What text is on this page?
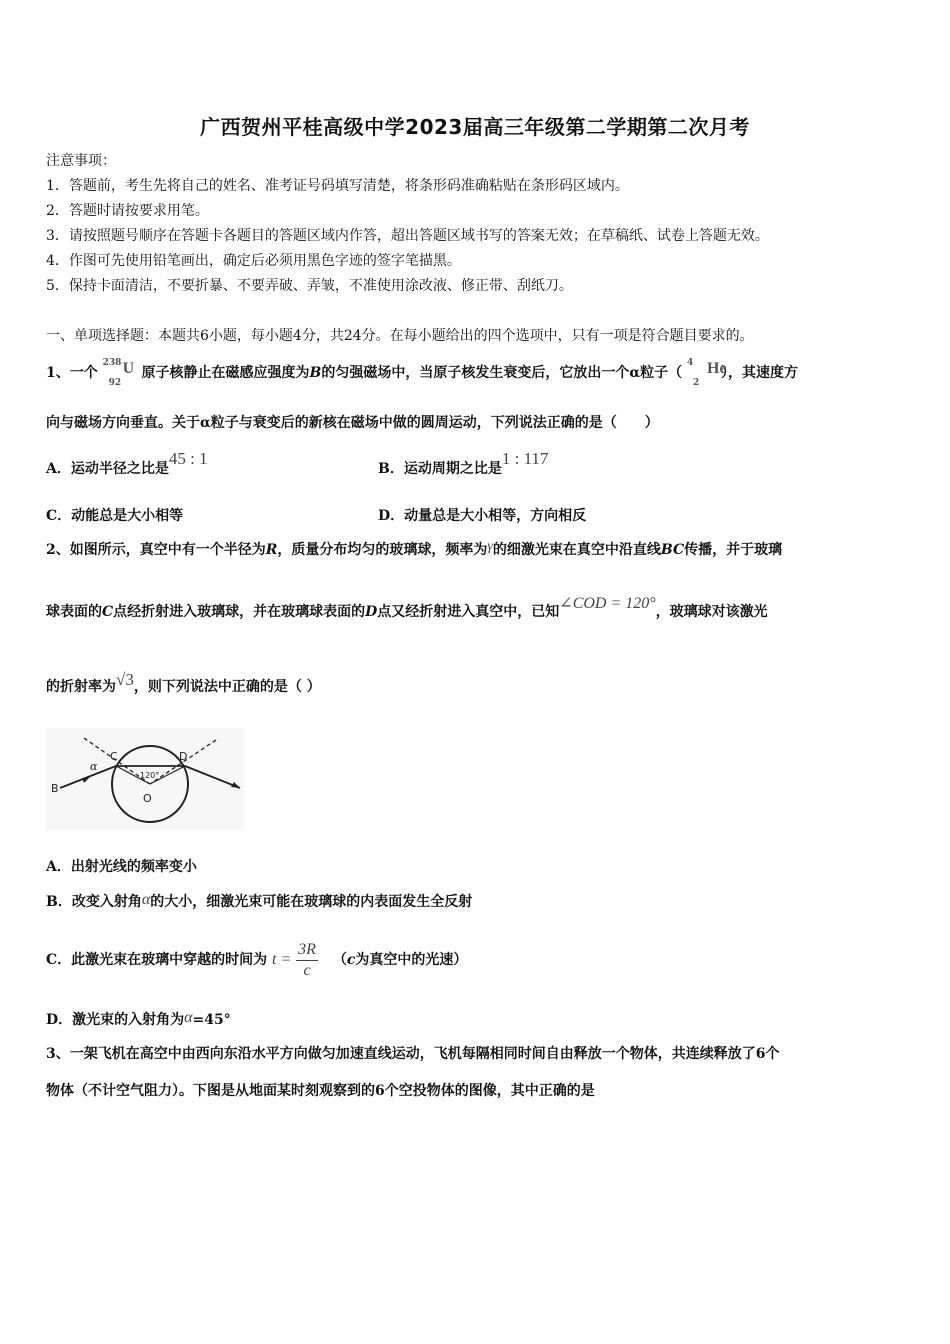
广西贺州平桂高级中学2023届高三年级第二学期第二次月考
注意事项：
1．答题前，考生先将自己的姓名、准考证号码填写清楚，将条形码准确粘贴在条形码区域内。
2．答题时请按要求用笔。
3．请按照题号顺序在答题卡各题目的答题区域内作答，超出答题区域书写的答案无效；在草稿纸、试卷上答题无效。
4．作图可先使用铅笔画出，确定后必须用黑色字迹的签字笔描黑。
5．保持卡面清洁，不要折暴、不要弄破、弄皱，不准使用涂改液、修正带、刮纸刀。
一、单项选择题：本题共6小题，每小题4分，共24分。在每小题给出的四个选项中，只有一项是符合题目要求的。
1、一个
238
92
U 原子核静止在磁感应强度为B的匀强磁场中，当原子核发生衰变后，它放出一个α粒子（
4
2
He
），其速度方
向与磁场方向垂直。关于α粒子与衰变后的新核在磁场中做的圆周运动，下列说法正确的是（　　）
A．运动半径之比是45 : 1
B．运动周期之比是1 : 117
C．动能总是大小相等	D．动量总是大小相等，方向相反
2、如图所示，真空中有一个半径为R，质量分布均匀的玻璃球，频率为γ的细激光束在真空中沿直线BC传播，并于玻璃
球表面的C点经折射进入玻璃球，并在玻璃球表面的D点又经折射进入真空中，已知∠COD = 120°，玻璃球对该激光
的折射率为√3，则下列说法中正确的是（ ）
B
C	D
O
α
120°
A．出射光线的频率变小
B．改变入射角α的大小，细激光束可能在玻璃球的内表面发生全反射
C．此激光束在玻璃中穿越的时间为 $t = \frac{3R}{c} (c$为真空中的光速）
D．激光束的入射角为α=45°
3、一架飞机在高空中由西向东沿水平方向做匀加速直线运动，飞机每隔相同时间自由释放一个物体，共连续释放了6个
物体（不计空气阻力）。下图是从地面某时刻观察到的6个空投物体的图像，其中正确的是
